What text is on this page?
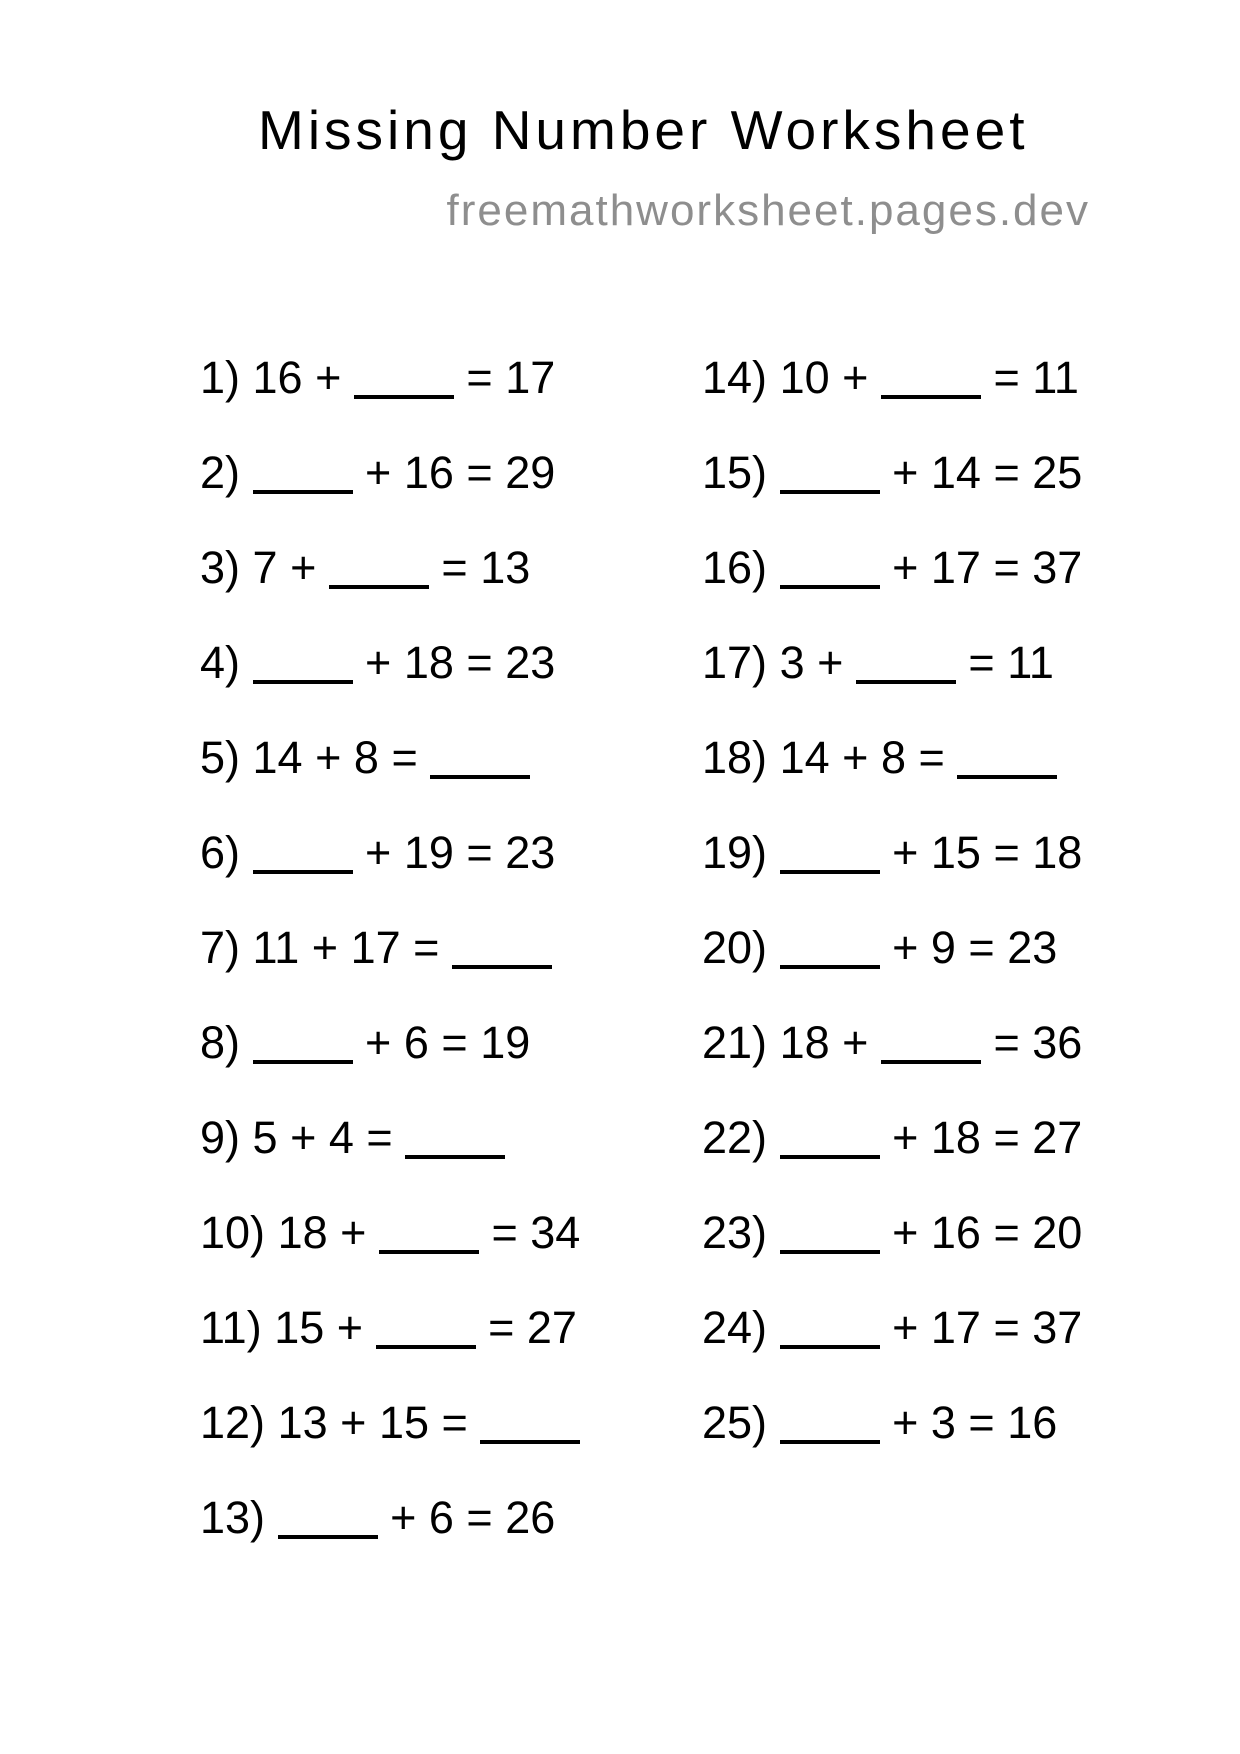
Missing Number Worksheet
freemathworksheet.pages.dev
1) 16 +	= 17
2)	+ 16 = 29
3) 7 +	= 13
4)	+ 18 = 23
5) 14 + 8 =
6)	+ 19 = 23
7) 11 + 17 =
8)	+ 6 = 19
9) 5 + 4 =
10) 18 +	= 34
11) 15 +	= 27
12) 13 + 15 =
13)	+ 6 = 26
14) 10 +	= 11
15)	+ 14 = 25
16)	+ 17 = 37
17) 3 +	= 11
18) 14 + 8 =
19)	+ 15 = 18
20)	+ 9 = 23
21) 18 +	= 36
22)	+ 18 = 27
23)	+ 16 = 20
24)	+ 17 = 37
25)	+ 3 = 16
